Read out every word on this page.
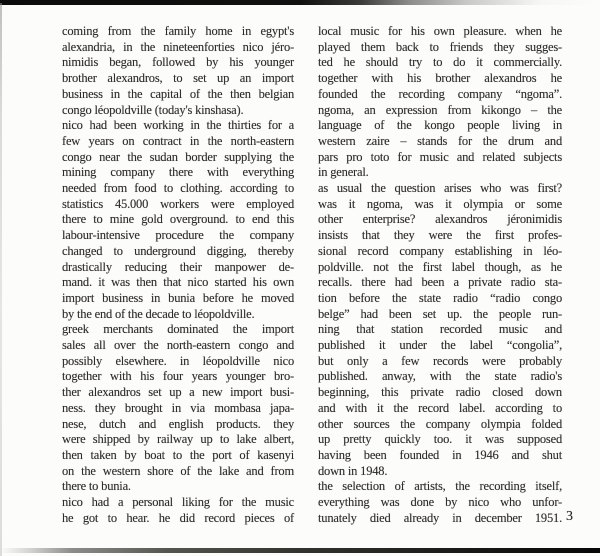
coming from the family home in egypt's
alexandria, in the nineteenforties nico jéro-
nimidis began, followed by his younger
brother alexandros, to set up an import
business in the capital of the then belgian
congo léopoldville (today's kinshasa).
nico had been working in the thirties for a
few years on contract in the north-eastern
congo near the sudan border supplying the
mining company there with everything
needed from food to clothing. according to
statistics 45.000 workers were employed
there to mine gold overground. to end this
labour-intensive procedure the company
changed to underground digging, thereby
drastically reducing their manpower de-
mand. it was then that nico started his own
import business in bunia before he moved
by the end of the decade to léopoldville.
greek merchants dominated the import
sales all over the north-eastern congo and
possibly elsewhere. in léopoldville nico
together with his four years younger bro-
ther alexandros set up a new import busi-
ness. they brought in via mombasa japa-
nese, dutch and english products. they
were shipped by railway up to lake albert,
then taken by boat to the port of kasenyi
on the western shore of the lake and from
there to bunia.
nico had a personal liking for the music
he got to hear. he did record pieces of
local music for his own pleasure. when he
played them back to friends they sugges-
ted he should try to do it commercially.
together with his brother alexandros he
founded the recording company “ngoma”.
ngoma, an expression from kikongo – the
language of the kongo people living in
western zaire – stands for the drum and
pars pro toto for music and related subjects
in general.
as usual the question arises who was first?
was it ngoma, was it olympia or some
other enterprise? alexandros jéronimidis
insists that they were the first profes-
sional record company establishing in léo-
poldville. not the first label though, as he
recalls. there had been a private radio sta-
tion before the state radio “radio congo
belge” had been set up. the people run-
ning that station recorded music and
published it under the label “congolia”,
but only a few records were probably
published. anway, with the state radio's
beginning, this private radio closed down
and with it the record label. according to
other sources the company olympia folded
up pretty quickly too. it was supposed
having been founded in 1946 and shut
down in 1948.
the selection of artists, the recording itself,
everything was done by nico who unfor-
tunately died already in december 1951. 3
